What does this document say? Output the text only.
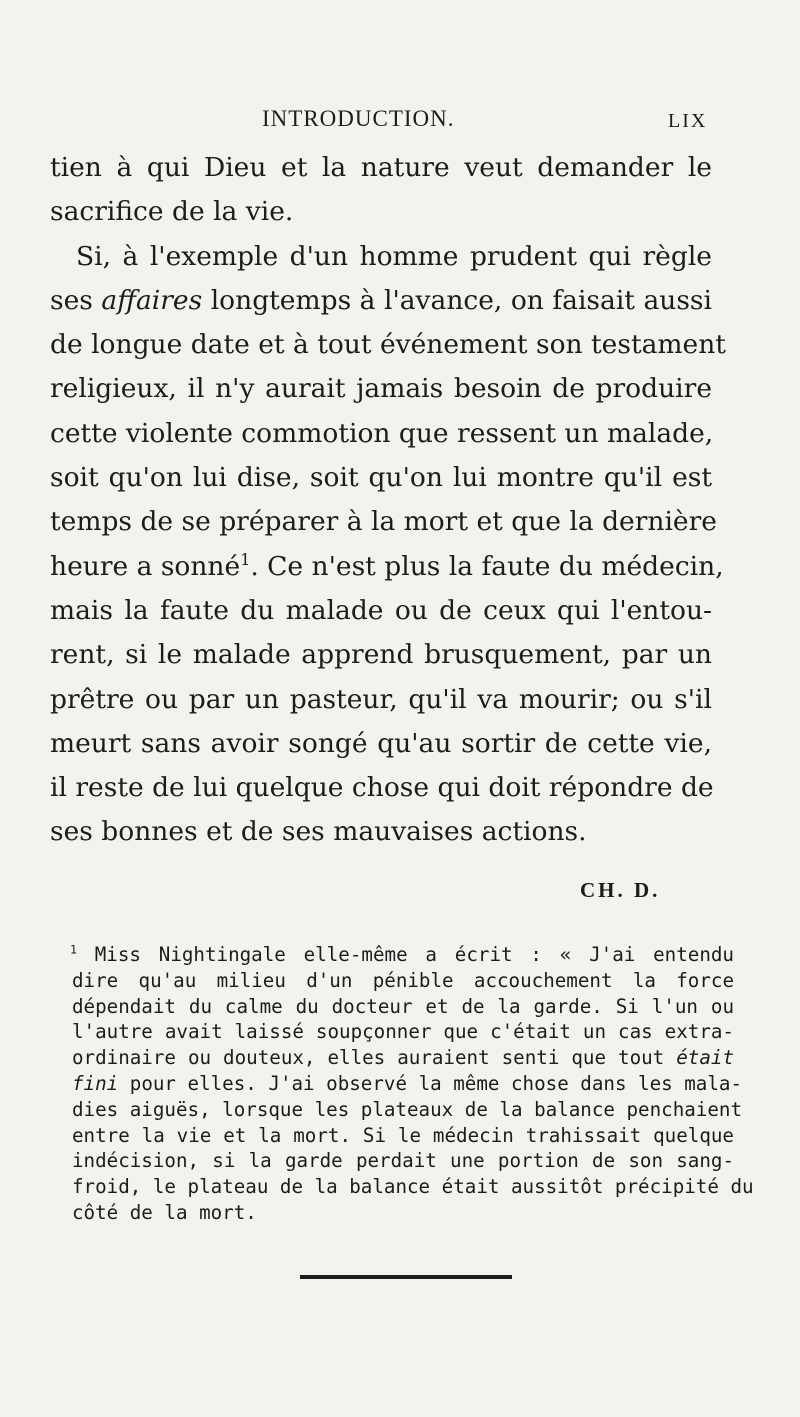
INTRODUCTION.	LIX
tien à qui Dieu et la nature veut demander le
sacrifice de la vie.
Si, à l'exemple d'un homme prudent qui règle
ses affaires longtemps à l'avance, on faisait aussi
de longue date et à tout événement son testament
religieux, il n'y aurait jamais besoin de produire
cette violente commotion que ressent un malade,
soit qu'on lui dise, soit qu'on lui montre qu'il est
temps de se préparer à la mort et que la dernière
heure a sonné$^1$. Ce n'est plus la faute du médecin,
mais la faute du malade ou de ceux qui l'entou-
rent, si le malade apprend brusquement, par un
prêtre ou par un pasteur, qu'il va mourir; ou s'il
meurt sans avoir songé qu'au sortir de cette vie,
il reste de lui quelque chose qui doit répondre de
ses bonnes et de ses mauvaises actions.
CH. D.
$^1$ Miss Nightingale elle-même a écrit : « J'ai entendu
dire qu'au milieu d'un pénible accouchement la force
dépendait du calme du docteur et de la garde. Si l'un ou
l'autre avait laissé soupçonner que c'était un cas extra-
ordinaire ou douteux, elles auraient senti que tout était
fini pour elles. J'ai observé la même chose dans les mala-
dies aiguës, lorsque les plateaux de la balance penchaient
entre la vie et la mort. Si le médecin trahissait quelque
indécision, si la garde perdait une portion de son sang-
froid, le plateau de la balance était aussitôt précipité du
côté de la mort.
